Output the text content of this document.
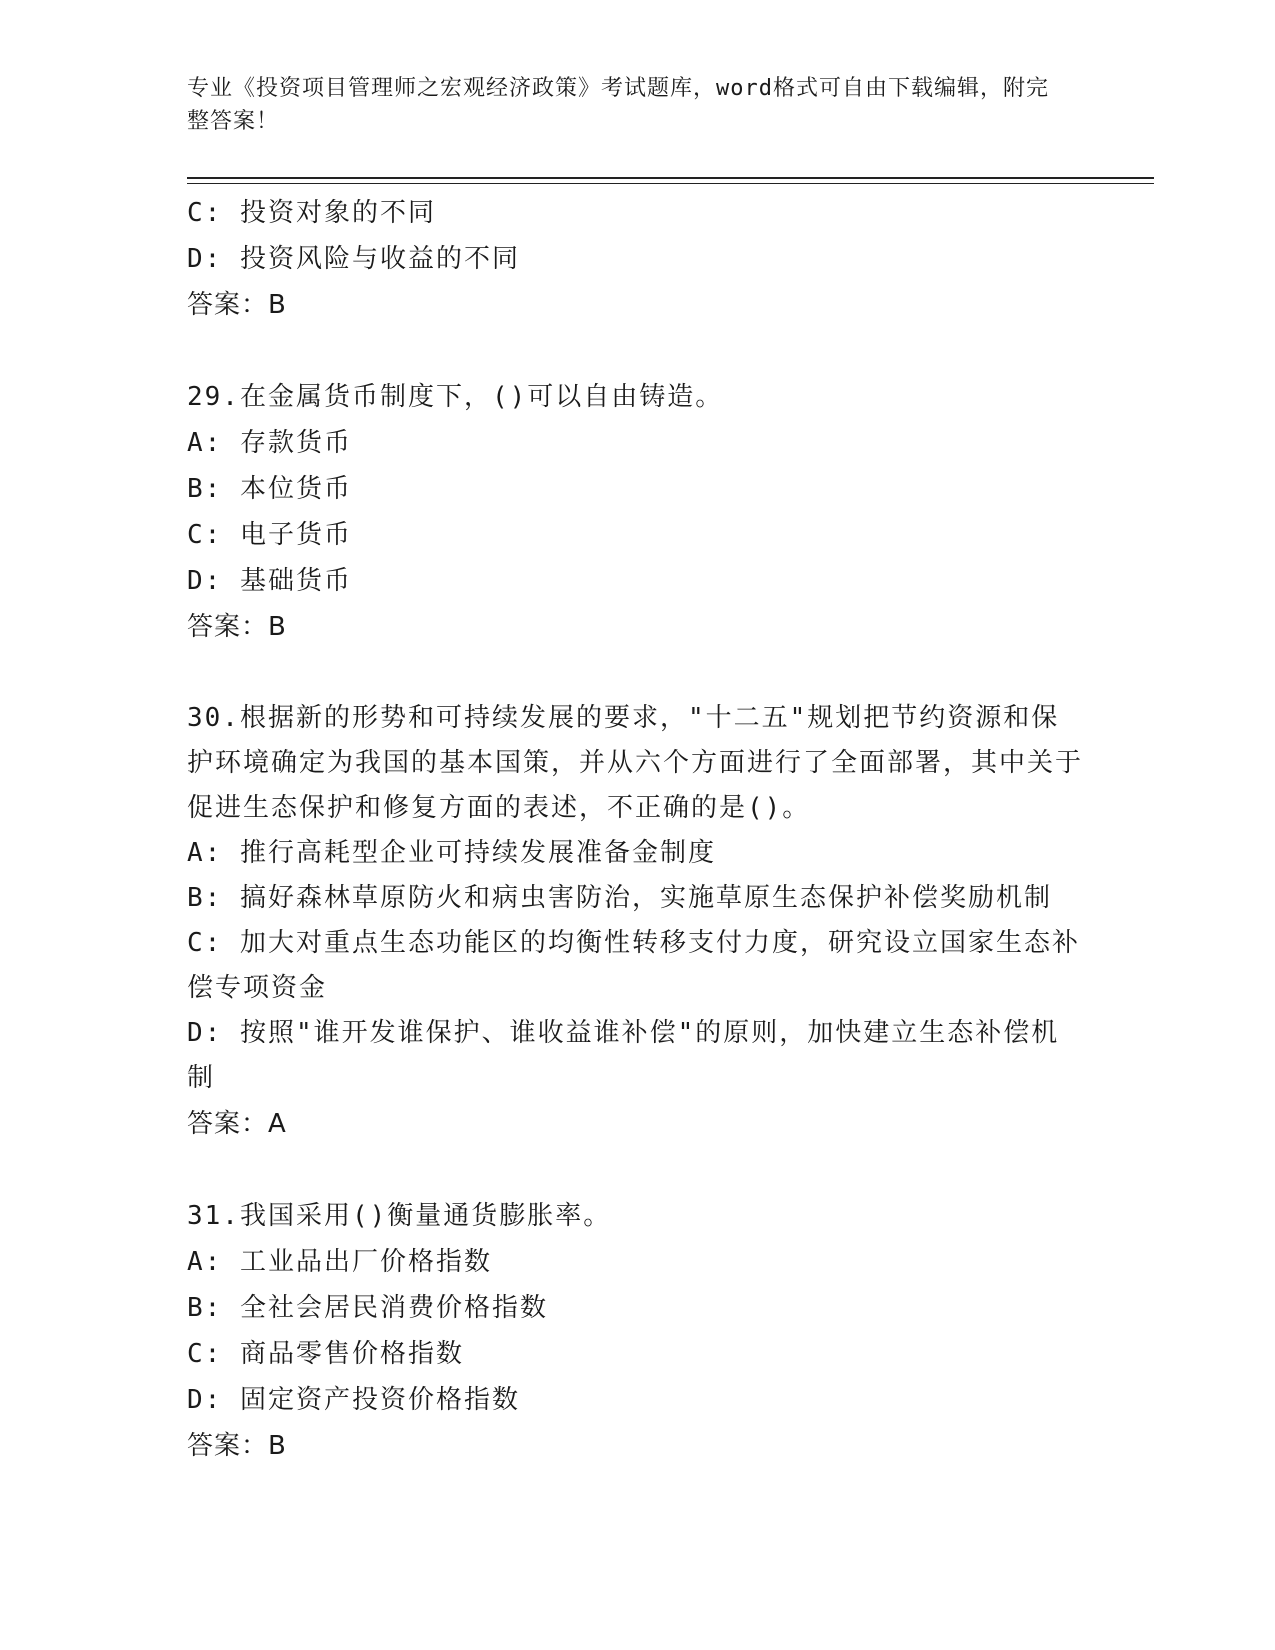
专业《投资项目管理师之宏观经济政策》考试题库，word格式可自由下载编辑，附完整答案！
C: 投资对象的不同
D: 投资风险与收益的不同
答案：B
29.在金属货币制度下，()可以自由铸造。
A: 存款货币
B: 本位货币
C: 电子货币
D: 基础货币
答案：B
30.根据新的形势和可持续发展的要求，"十二五"规划把节约资源和保护环境确定为我国的基本国策，并从六个方面进行了全面部署，其中关于促进生态保护和修复方面的表述，不正确的是()。
A: 推行高耗型企业可持续发展准备金制度
B: 搞好森林草原防火和病虫害防治，实施草原生态保护补偿奖励机制
C: 加大对重点生态功能区的均衡性转移支付力度，研究设立国家生态补偿专项资金
D: 按照"谁开发谁保护、谁收益谁补偿"的原则，加快建立生态补偿机制
答案：A
31.我国采用()衡量通货膨胀率。
A: 工业品出厂价格指数
B: 全社会居民消费价格指数
C: 商品零售价格指数
D: 固定资产投资价格指数
答案：B
